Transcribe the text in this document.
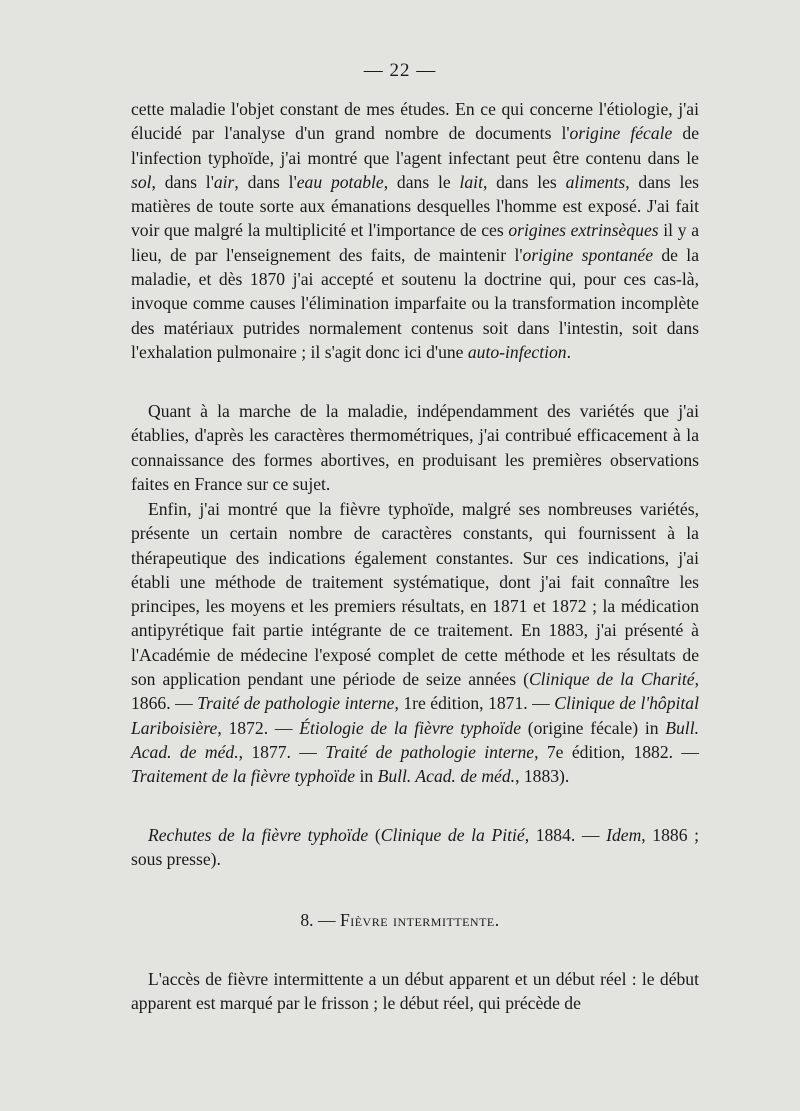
— 22 —

cette maladie l'objet constant de mes études. En ce qui concerne l'étiologie, j'ai élucidé par l'analyse d'un grand nombre de documents l'origine fécale de l'infection typhoïde, j'ai montré que l'agent infectant peut être contenu dans le sol, dans l'air, dans l'eau potable, dans le lait, dans les aliments, dans les matières de toute sorte aux émanations desquelles l'homme est exposé. J'ai fait voir que malgré la multiplicité et l'importance de ces origines extrinsèques il y a lieu, de par l'enseignement des faits, de maintenir l'origine spontanée de la maladie, et dès 1870 j'ai accepté et soutenu la doctrine qui, pour ces cas-là, invoque comme causes l'élimination imparfaite ou la transformation incomplète des matériaux putrides normalement contenus soit dans l'intestin, soit dans l'exhalation pulmonaire ; il s'agit donc ici d'une auto-infection.

Quant à la marche de la maladie, indépendamment des variétés que j'ai établies, d'après les caractères thermométriques, j'ai contribué efficacement à la connaissance des formes abortives, en produisant les premières observations faites en France sur ce sujet.

Enfin, j'ai montré que la fièvre typhoïde, malgré ses nombreuses variétés, présente un certain nombre de caractères constants, qui fournissent à la thérapeutique des indications également constantes. Sur ces indications, j'ai établi une méthode de traitement systématique, dont j'ai fait connaître les principes, les moyens et les premiers résultats, en 1871 et 1872 ; la médication antipyrétique fait partie intégrante de ce traitement. En 1883, j'ai présenté à l'Académie de médecine l'exposé complet de cette méthode et les résultats de son application pendant une période de seize années (Clinique de la Charité, 1866. — Traité de pathologie interne, 1re édition, 1871. — Clinique de l'hôpital Lariboisière, 1872. — Étiologie de la fièvre typhoïde (origine fécale) in Bull. Acad. de méd., 1877. — Traité de pathologie interne, 7e édition, 1882. — Traitement de la fièvre typhoïde in Bull. Acad. de méd., 1883).

Rechutes de la fièvre typhoïde (Clinique de la Pitié, 1884. — Idem, 1886 ; sous presse).

8. — Fièvre intermittente.

L'accès de fièvre intermittente a un début apparent et un début réel : le début apparent est marqué par le frisson ; le début réel, qui précède de
